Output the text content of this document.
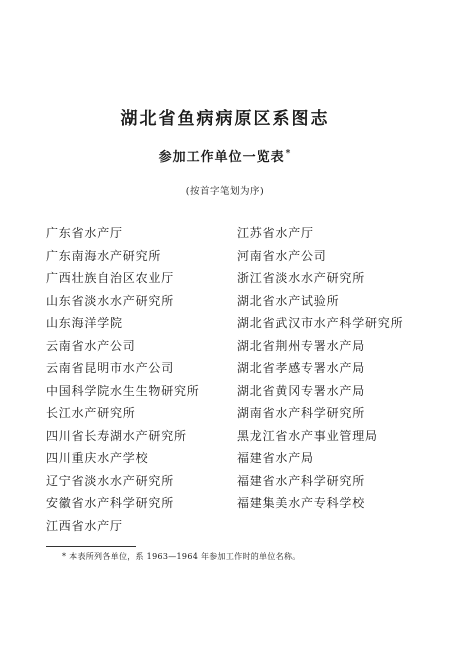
湖北省鱼病病原区系图志
参加工作单位一览表*

(按首字笔划为序)

广东省水产厅
广东南海水产研究所
广西壮族自治区农业厅
山东省淡水水产研究所
山东海洋学院
云南省水产公司
云南省昆明市水产公司
中国科学院水生生物研究所
长江水产研究所
四川省长寿湖水产研究所
四川重庆水产学校
辽宁省淡水水产研究所
安徽省水产科学研究所
江西省水产厅
江苏省水产厅
河南省水产公司
浙江省淡水水产研究所
湖北省水产试验所
湖北省武汉市水产科学研究所
湖北省荆州专署水产局
湖北省孝感专署水产局
湖北省黄冈专署水产局
湖南省水产科学研究所
黑龙江省水产事业管理局
福建省水产局
福建省水产科学研究所
福建集美水产专科学校

* 本表所列各单位，系 1963—1964 年参加工作时的单位名称。
